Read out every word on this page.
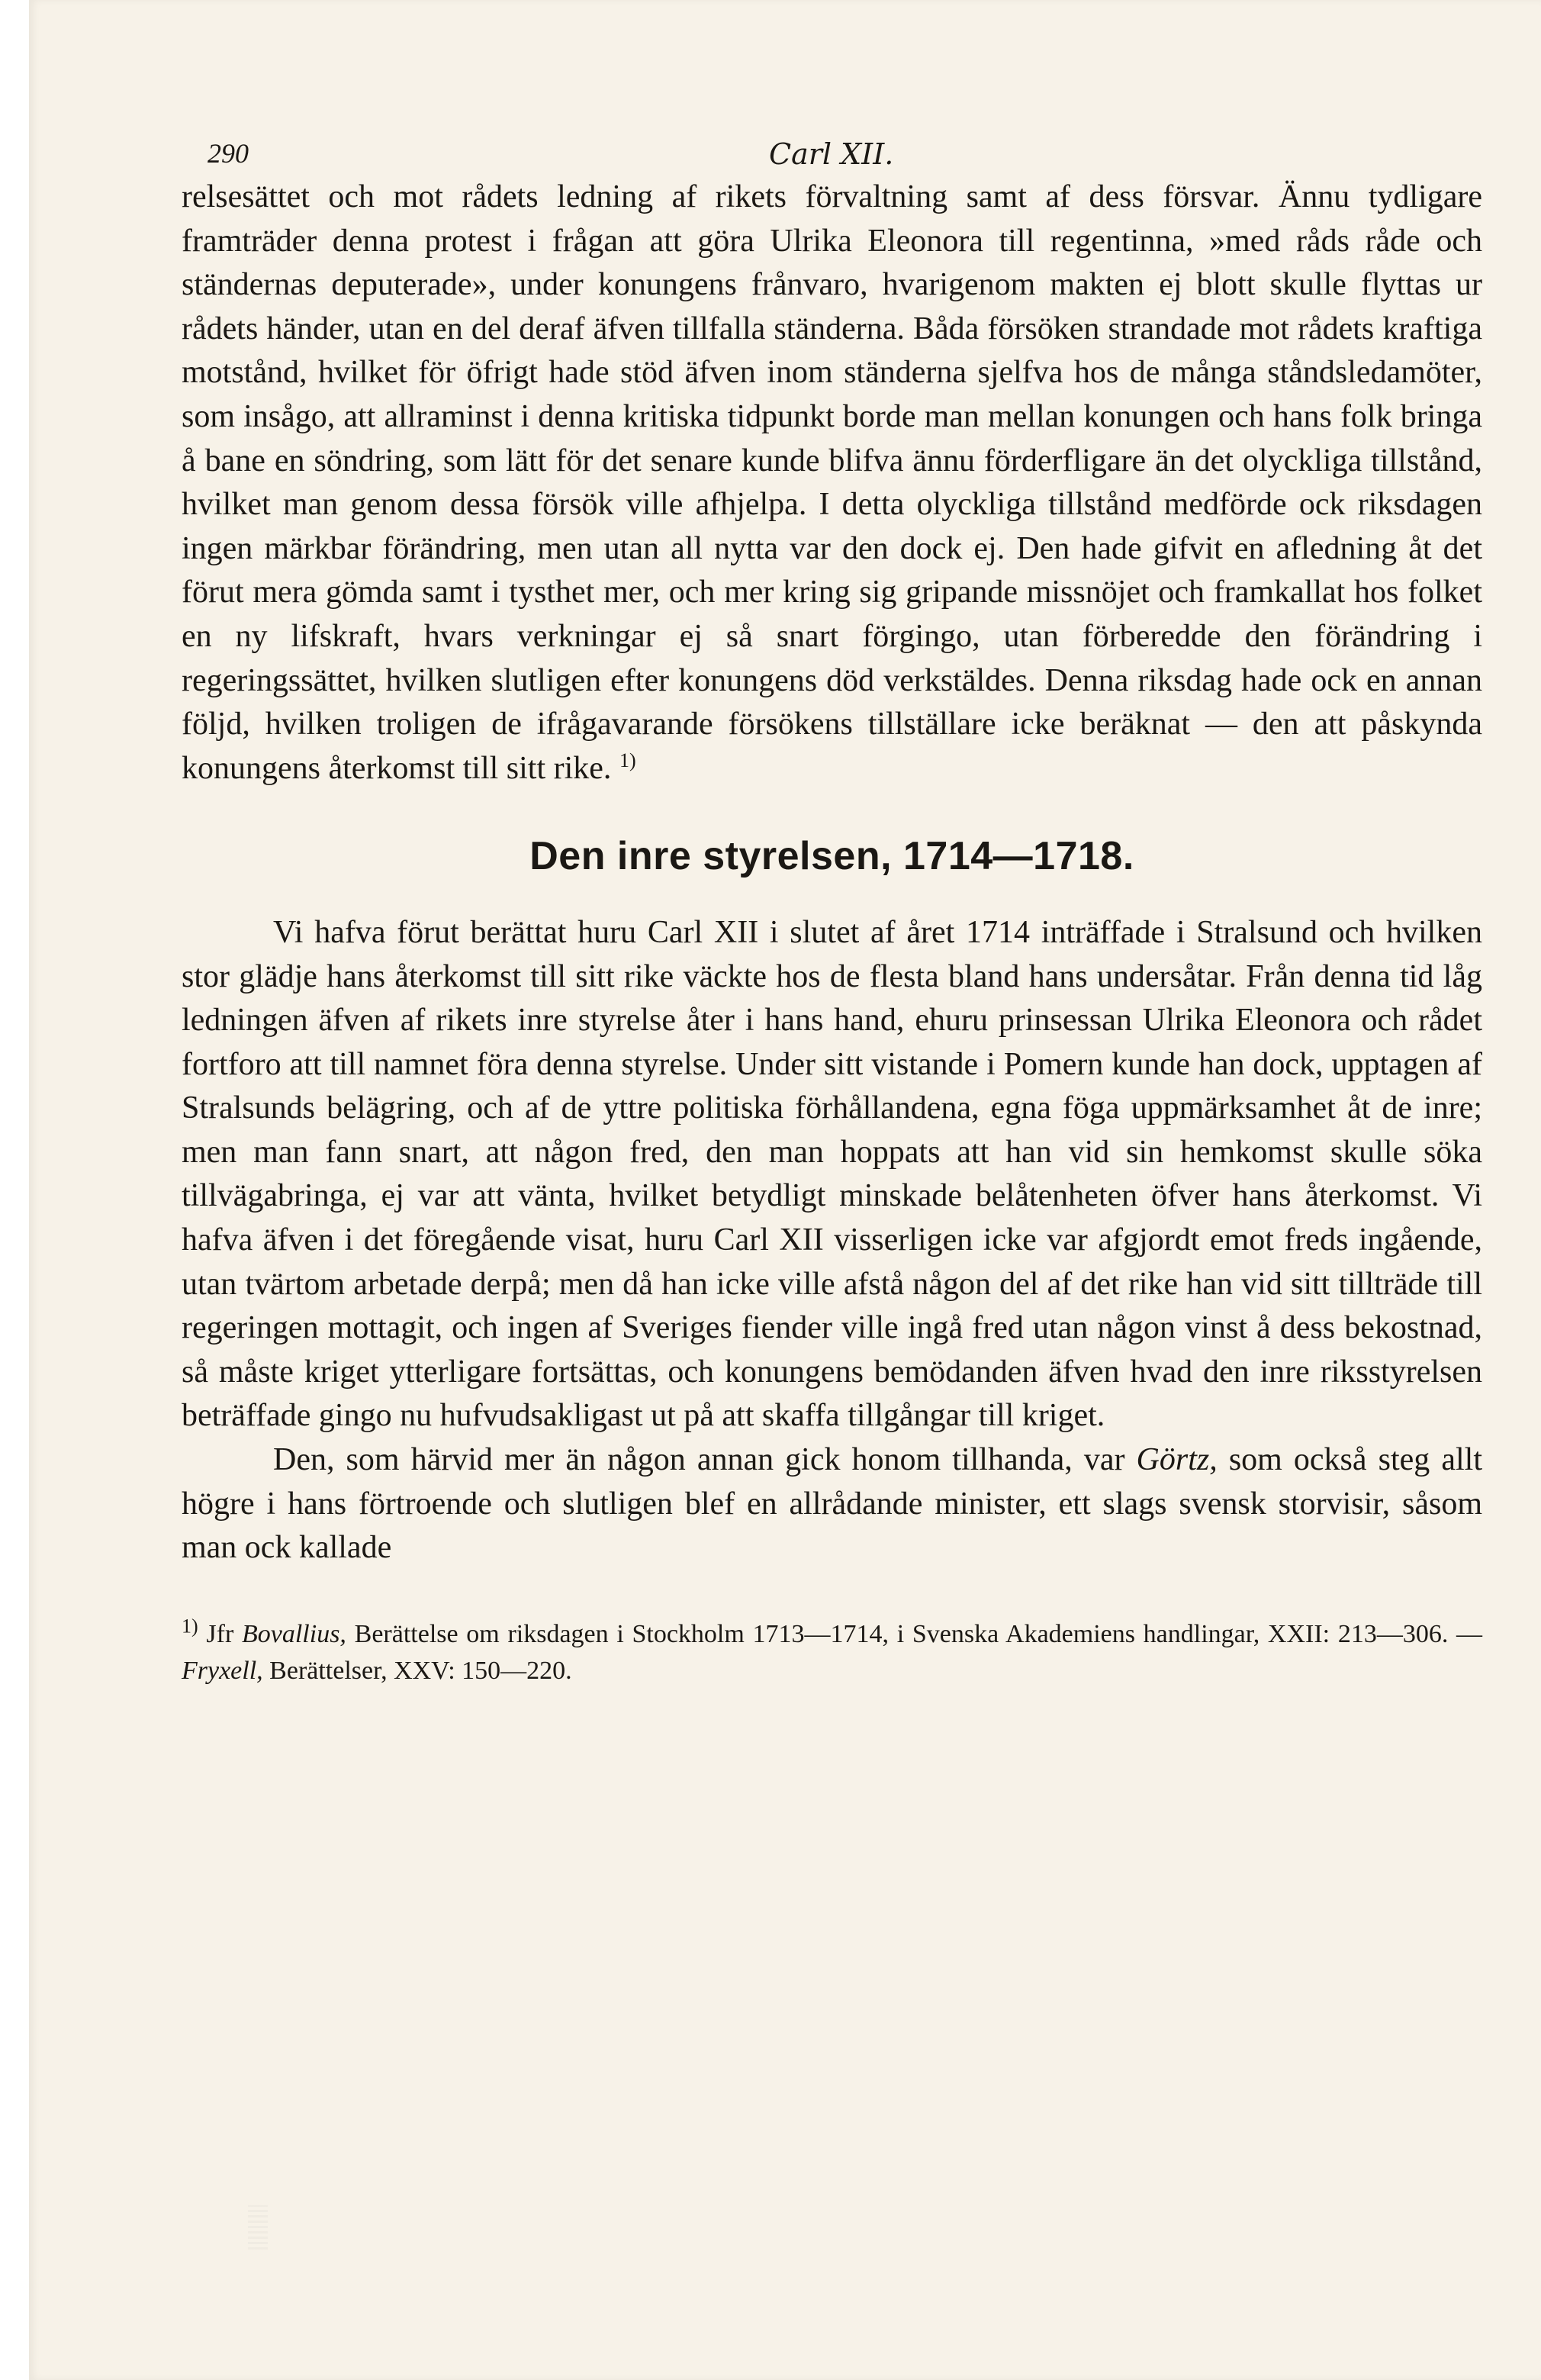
290	Carl XII.

relsesättet och mot rådets ledning af rikets förvaltning samt af dess försvar. Ännu tydligare framträder denna protest i frågan att göra Ulrika Eleonora till regentinna, »med råds råde och ständernas deputerade», under konungens frånvaro, hvarigenom makten ej blott skulle flyttas ur rådets händer, utan en del deraf äfven tillfalla ständerna. Båda försöken strandade mot rådets kraftiga motstånd, hvilket för öfrigt hade stöd äfven inom ständerna sjelfva hos de många ståndsledamöter, som insågo, att allraminst i denna kritiska tidpunkt borde man mellan konungen och hans folk bringa å bane en söndring, som lätt för det senare kunde blifva ännu förderfligare än det olyckliga tillstånd, hvilket man genom dessa försök ville afhjelpa. I detta olyckliga tillstånd medförde ock riksdagen ingen märkbar förändring, men utan all nytta var den dock ej. Den hade gifvit en afledning åt det förut mera gömda samt i tysthet mer, och mer kring sig gripande missnöjet och framkallat hos folket en ny lifskraft, hvars verkningar ej så snart förgingo, utan förberedde den förändring i regeringssättet, hvilken slutligen efter konungens död verkstäldes. Denna riksdag hade ock en annan följd, hvilken troligen de ifrågavarande försökens tillställare icke beräknat — den att påskynda konungens återkomst till sitt rike. $^{1)}$

Den inre styrelsen, 1714—1718.

Vi hafva förut berättat huru Carl XII i slutet af året 1714 inträffade i Stralsund och hvilken stor glädje hans återkomst till sitt rike väckte hos de flesta bland hans undersåtar. Från denna tid låg ledningen äfven af rikets inre styrelse åter i hans hand, ehuru prinsessan Ulrika Eleonora och rådet fortforo att till namnet föra denna styrelse. Under sitt vistande i Pomern kunde han dock, upptagen af Stralsunds belägring, och af de yttre politiska förhållandena, egna föga uppmärksamhet åt de inre; men man fann snart, att någon fred, den man hoppats att han vid sin hemkomst skulle söka tillvägabringa, ej var att vänta, hvilket betydligt minskade belåtenheten öfver hans återkomst. Vi hafva äfven i det föregående visat, huru Carl XII visserligen icke var afgjordt emot freds ingående, utan tvärtom arbetade derpå; men då han icke ville afstå någon del af det rike han vid sitt tillträde till regeringen mottagit, och ingen af Sveriges fiender ville ingå fred utan någon vinst å dess bekostnad, så måste kriget ytterligare fortsättas, och konungens bemödanden äfven hvad den inre riksstyrelsen beträffade gingo nu hufvudsakligast ut på att skaffa tillgångar till kriget.

Den, som härvid mer än någon annan gick honom tillhanda, var Görtz, som också steg allt högre i hans förtroende och slutligen blef en allrådande minister, ett slags svensk storvisir, såsom man ock kallade

$^{1)}$ Jfr Bovallius, Berättelse om riksdagen i Stockholm 1713—1714, i Svenska Akademiens handlingar, XXII: 213—306. — Fryxell, Berättelser, XXV: 150—220.
